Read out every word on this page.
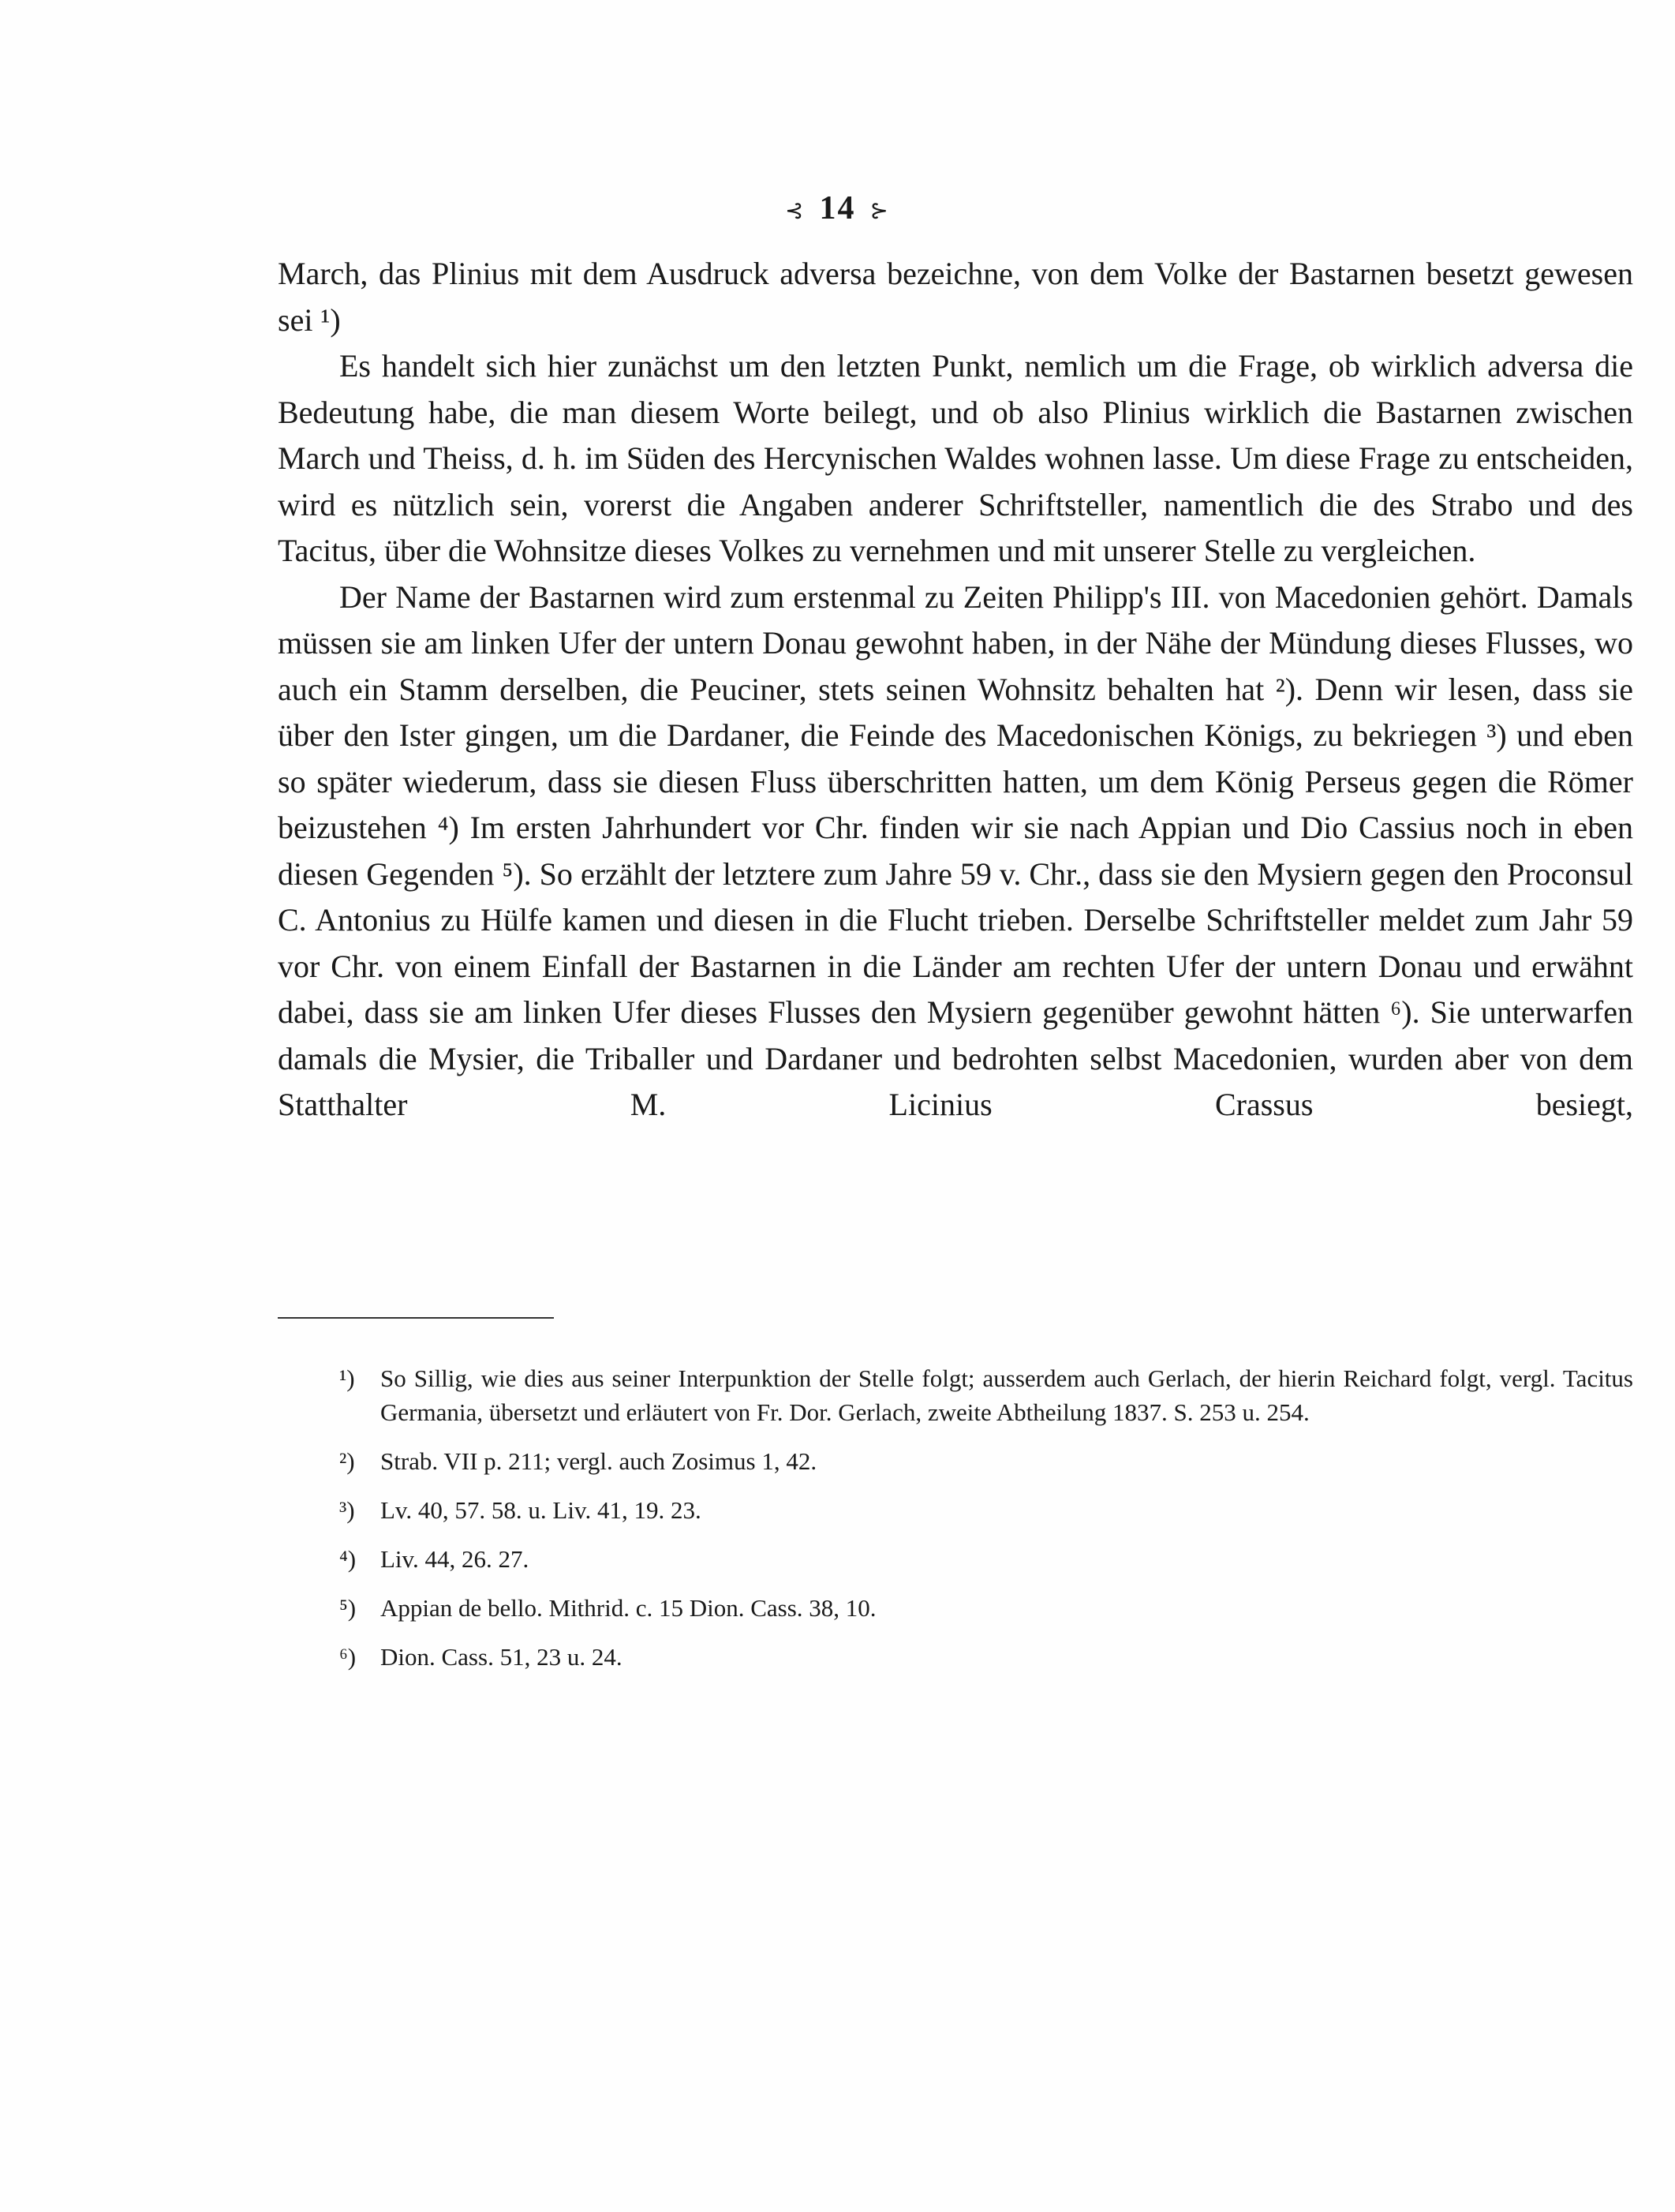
⊰ 14 ⊱

March, das Plinius mit dem Ausdruck adversa bezeichne, von dem Volke der Bastarnen besetzt gewesen sei ¹)

Es handelt sich hier zunächst um den letzten Punkt, nemlich um die Frage, ob wirklich adversa die Bedeutung habe, die man diesem Worte beilegt, und ob also Plinius wirklich die Bastarnen zwischen March und Theiss, d. h. im Süden des Hercynischen Waldes wohnen lasse. Um diese Frage zu entscheiden, wird es nützlich sein, vorerst die Angaben anderer Schriftsteller, namentlich die des Strabo und des Tacitus, über die Wohnsitze dieses Volkes zu vernehmen und mit unserer Stelle zu vergleichen.

Der Name der Bastarnen wird zum erstenmal zu Zeiten Philipp's III. von Macedonien gehört. Damals müssen sie am linken Ufer der untern Donau gewohnt haben, in der Nähe der Mündung dieses Flusses, wo auch ein Stamm derselben, die Peuciner, stets seinen Wohnsitz behalten hat ²). Denn wir lesen, dass sie über den Ister gingen, um die Dardaner, die Feinde des Macedonischen Königs, zu bekriegen ³) und eben so später wiederum, dass sie diesen Fluss überschritten hatten, um dem König Perseus gegen die Römer beizustehen ⁴) Im ersten Jahrhundert vor Chr. finden wir sie nach Appian und Dio Cassius noch in eben diesen Gegenden ⁵). So erzählt der letztere zum Jahre 59 v. Chr., dass sie den Mysiern gegen den Proconsul C. Antonius zu Hülfe kamen und diesen in die Flucht trieben. Derselbe Schriftsteller meldet zum Jahr 59 vor Chr. von einem Einfall der Bastarnen in die Länder am rechten Ufer der untern Donau und erwähnt dabei, dass sie am linken Ufer dieses Flusses den Mysiern gegenüber gewohnt hätten ⁶). Sie unterwarfen damals die Mysier, die Triballer und Dardaner und bedrohten selbst Macedonien, wurden aber von dem Statthalter M. Licinius Crassus besiegt,

¹) So Sillig, wie dies aus seiner Interpunktion der Stelle folgt; ausserdem auch Gerlach, der hierin Reichard folgt, vergl. Tacitus Germania, übersetzt und erläutert von Fr. Dor. Gerlach, zweite Abtheilung 1837. S. 253 u. 254.
²) Strab. VII p. 211; vergl. auch Zosimus 1, 42.
³) Lv. 40, 57. 58. u. Liv. 41, 19. 23.
⁴) Liv. 44, 26. 27.
⁵) Appian de bello. Mithrid. c. 15 Dion. Cass. 38, 10.
⁶) Dion. Cass. 51, 23 u. 24.
